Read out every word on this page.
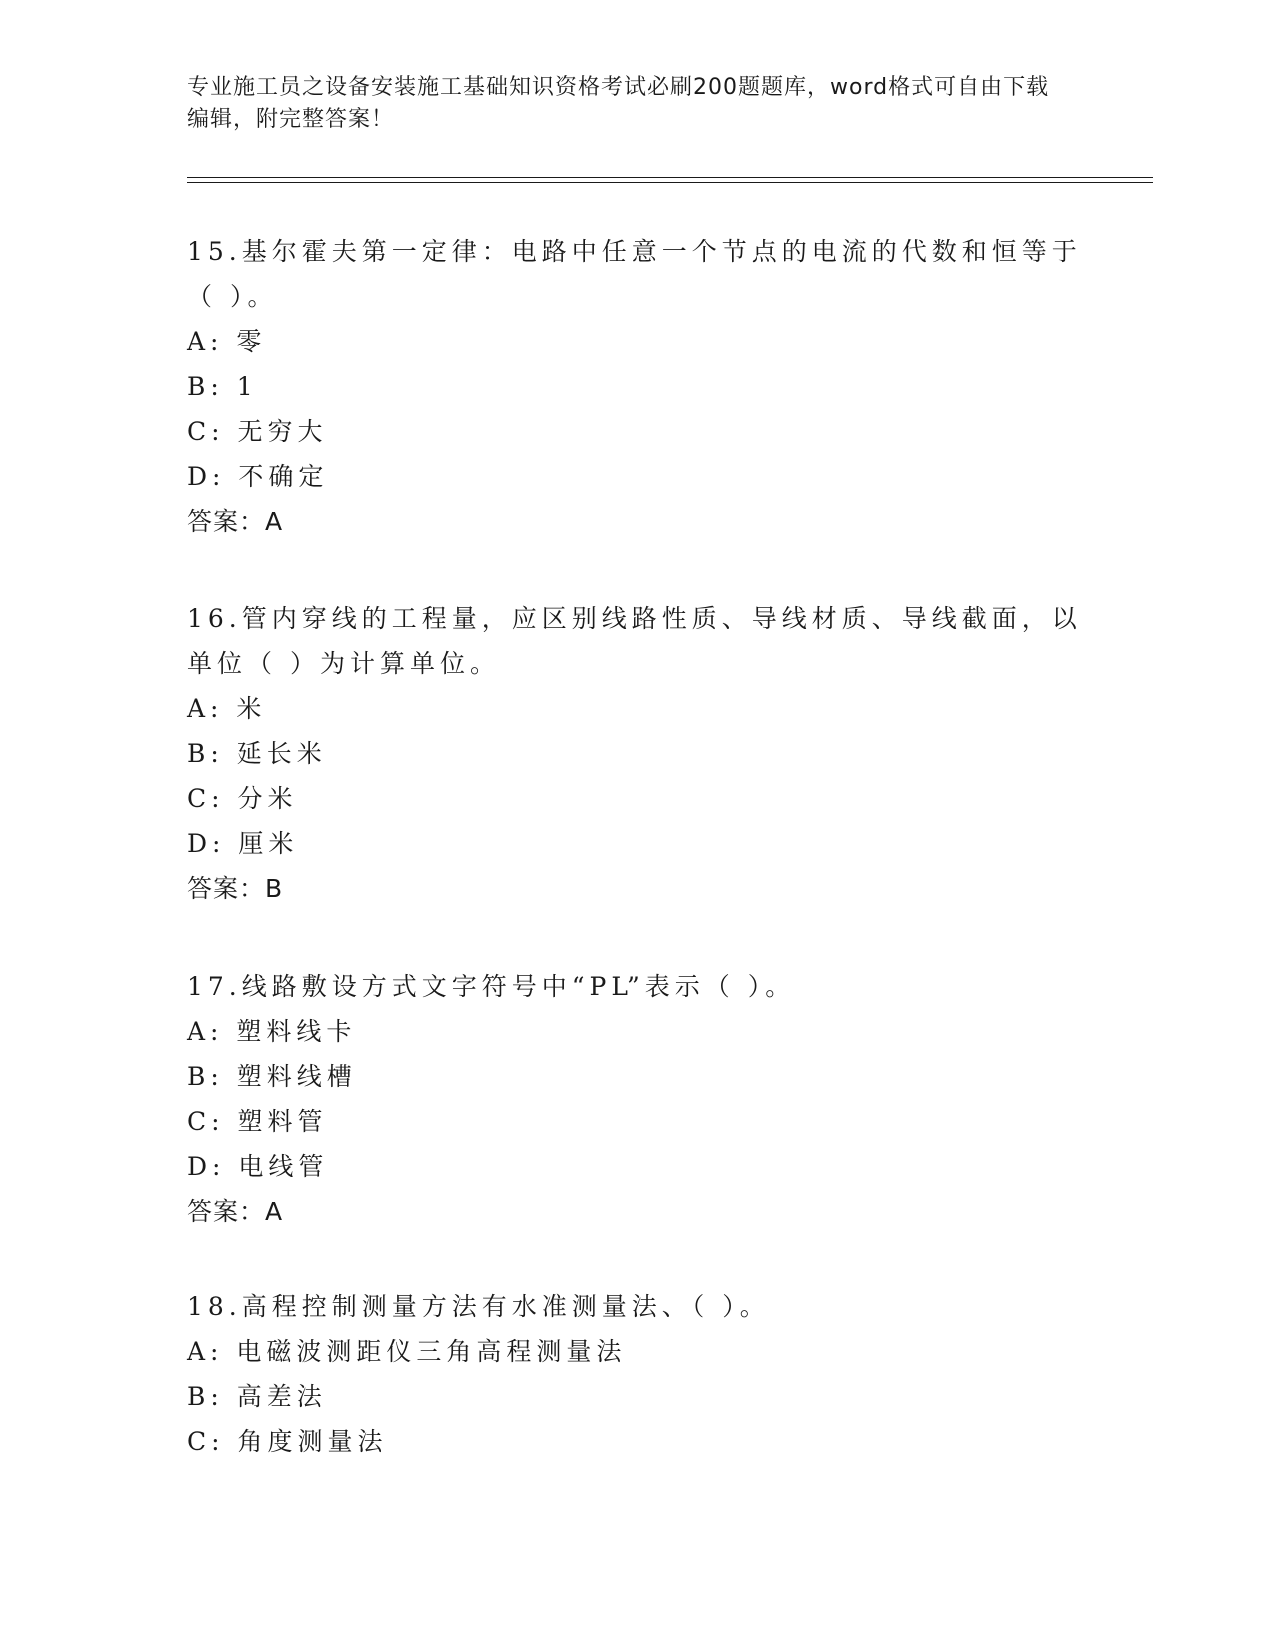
专业施工员之设备安装施工基础知识资格考试必刷200题题库，word格式可自由下载编辑，附完整答案！
15.基尔霍夫第一定律：电路中任意一个节点的电流的代数和恒等于（ ）。
A: 零
B: 1
C: 无穷大
D: 不确定
答案：A
16.管内穿线的工程量，应区别线路性质、导线材质、导线截面，以单位（ ）为计算单位。
A: 米
B: 延长米
C: 分米
D: 厘米
答案：B
17.线路敷设方式文字符号中“PL”表示（ ）。
A: 塑料线卡
B: 塑料线槽
C: 塑料管
D: 电线管
答案：A
18.高程控制测量方法有水准测量法、（ ）。
A: 电磁波测距仪三角高程测量法
B: 高差法
C: 角度测量法
